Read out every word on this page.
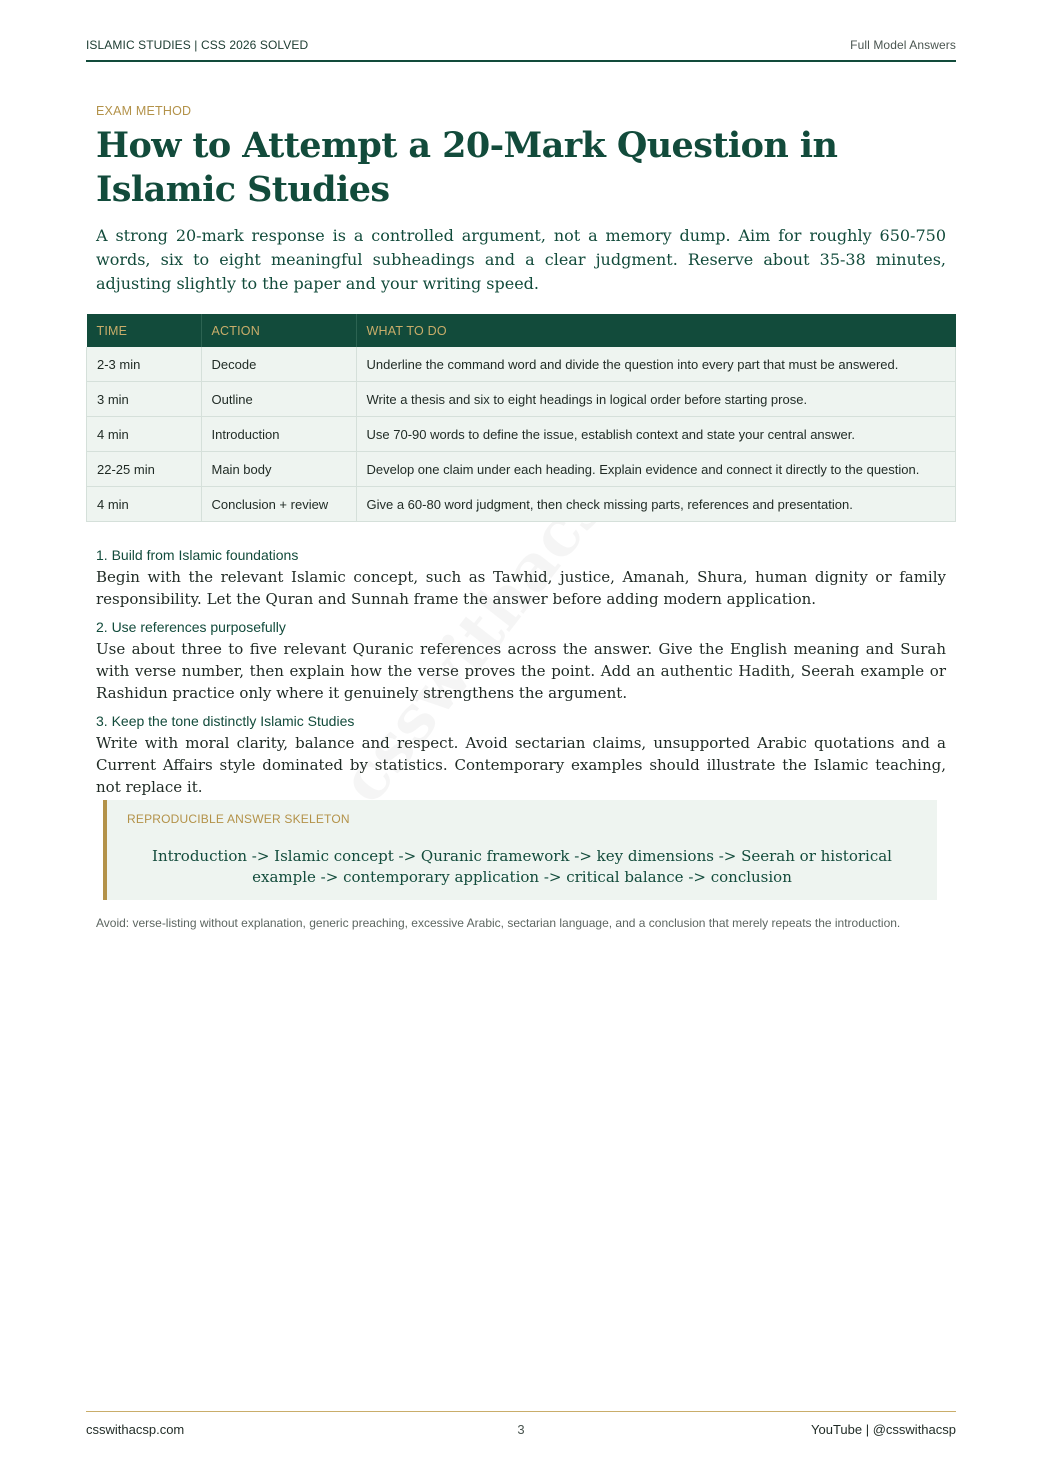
ISLAMIC STUDIES | CSS 2026 SOLVED	Full Model Answers

EXAM METHOD

How to Attempt a 20-Mark Question in Islamic Studies

A strong 20-mark response is a controlled argument, not a memory dump. Aim for roughly 650-750 words, six to eight meaningful subheadings and a clear judgment. Reserve about 35-38 minutes, adjusting slightly to the paper and your writing speed.

TIME	ACTION	WHAT TO DO
2-3 min	Decode	Underline the command word and divide the question into every part that must be answered.
3 min	Outline	Write a thesis and six to eight headings in logical order before starting prose.
4 min	Introduction	Use 70-90 words to define the issue, establish context and state your central answer.
22-25 min	Main body	Develop one claim under each heading. Explain evidence and connect it directly to the question.
4 min	Conclusion + review	Give a 60-80 word judgment, then check missing parts, references and presentation.

1. Build from Islamic foundations

Begin with the relevant Islamic concept, such as Tawhid, justice, Amanah, Shura, human dignity or family responsibility. Let the Quran and Sunnah frame the answer before adding modern application.

2. Use references purposefully

Use about three to five relevant Quranic references across the answer. Give the English meaning and Surah with verse number, then explain how the verse proves the point. Add an authentic Hadith, Seerah example or Rashidun practice only where it genuinely strengthens the argument.

3. Keep the tone distinctly Islamic Studies

Write with moral clarity, balance and respect. Avoid sectarian claims, unsupported Arabic quotations and a Current Affairs style dominated by statistics. Contemporary examples should illustrate the Islamic teaching, not replace it.

REPRODUCIBLE ANSWER SKELETON
Introduction -> Islamic concept -> Quranic framework -> key dimensions -> Seerah or historical example -> contemporary application -> critical balance -> conclusion
Avoid: verse-listing without explanation, generic preaching, excessive Arabic, sectarian language, and a conclusion that merely repeats the introduction.
csswithacsp.com	3	YouTube | @csswithacsp
